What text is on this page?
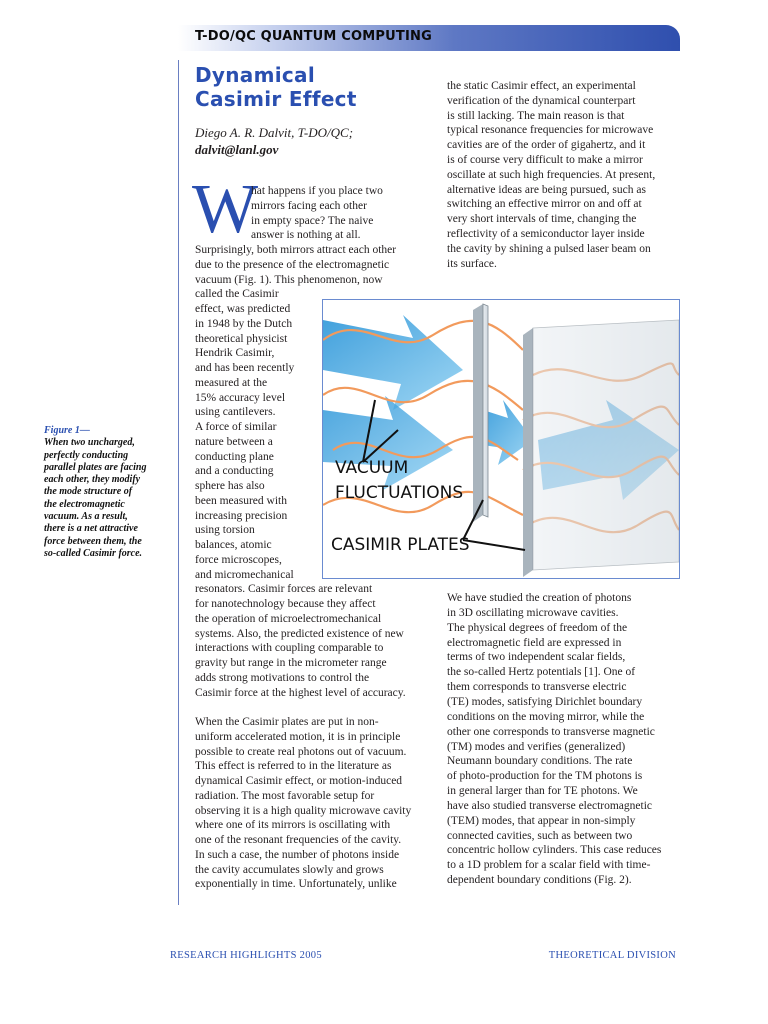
T-DO/QC QUANTUM COMPUTING
Dynamical
Casimir Effect
Diego A. R. Dalvit, T-DO/QC;
dalvit@lanl.gov
W
hat happens if you place two
mirrors facing each other
in empty space? The naive
answer is nothing at all.
Surprisingly, both mirrors attract each other
due to the presence of the electromagnetic
vacuum (Fig. 1). This phenomenon, now
called the Casimir
effect, was predicted
in 1948 by the Dutch
theoretical physicist
Hendrik Casimir,
and has been recently
measured at the
15% accuracy level
using cantilevers.
A force of similar
nature between a
conducting plane
and a conducting
sphere has also
been measured with
increasing precision
using torsion
balances, atomic
force microscopes,
and micromechanical
resonators. Casimir forces are relevant
for nanotechnology because they affect
the operation of microelectromechanical
systems. Also, the predicted existence of new
interactions with coupling comparable to
gravity but range in the micrometer range
adds strong motivations to control the
Casimir force at the highest level of accuracy.
When the Casimir plates are put in non-
uniform accelerated motion, it is in principle
possible to create real photons out of vacuum.
This effect is referred to in the literature as
dynamical Casimir effect, or motion-induced
radiation. The most favorable setup for
observing it is a high quality microwave cavity
where one of its mirrors is oscillating with
one of the resonant frequencies of the cavity.
In such a case, the number of photons inside
the cavity accumulates slowly and grows
exponentially in time. Unfortunately, unlike
the static Casimir effect, an experimental
verification of the dynamical counterpart
is still lacking. The main reason is that
typical resonance frequencies for microwave
cavities are of the order of gigahertz, and it
is of course very difficult to make a mirror
oscillate at such high frequencies. At present,
alternative ideas are being pursued, such as
switching an effective mirror on and off at
very short intervals of time, changing the
reflectivity of a semiconductor layer inside
the cavity by shining a pulsed laser beam on
its surface.
We have studied the creation of photons
in 3D oscillating microwave cavities.
The physical degrees of freedom of the
electromagnetic field are expressed in
terms of two independent scalar fields,
the so-called Hertz potentials [1]. One of
them corresponds to transverse electric
(TE) modes, satisfying Dirichlet boundary
conditions on the moving mirror, while the
other one corresponds to transverse magnetic
(TM) modes and verifies (generalized)
Neumann boundary conditions. The rate
of photo-production for the TM photons is
in general larger than for TE photons. We
have also studied transverse electromagnetic
(TEM) modes, that appear in non-simply
connected cavities, such as between two
concentric hollow cylinders. This case reduces
to a 1D problem for a scalar field with time-
dependent boundary conditions (Fig. 2).
VACUUM
FLUCTUATIONS
CASIMIR PLATES
Figure 1—
When two uncharged,
perfectly conducting
parallel plates are facing
each other, they modify
the mode structure of
the electromagnetic
vacuum. As a result,
there is a net attractive
force between them, the
so-called Casimir force.
RESEARCH HIGHLIGHTS 2005	THEORETICAL DIVISION
